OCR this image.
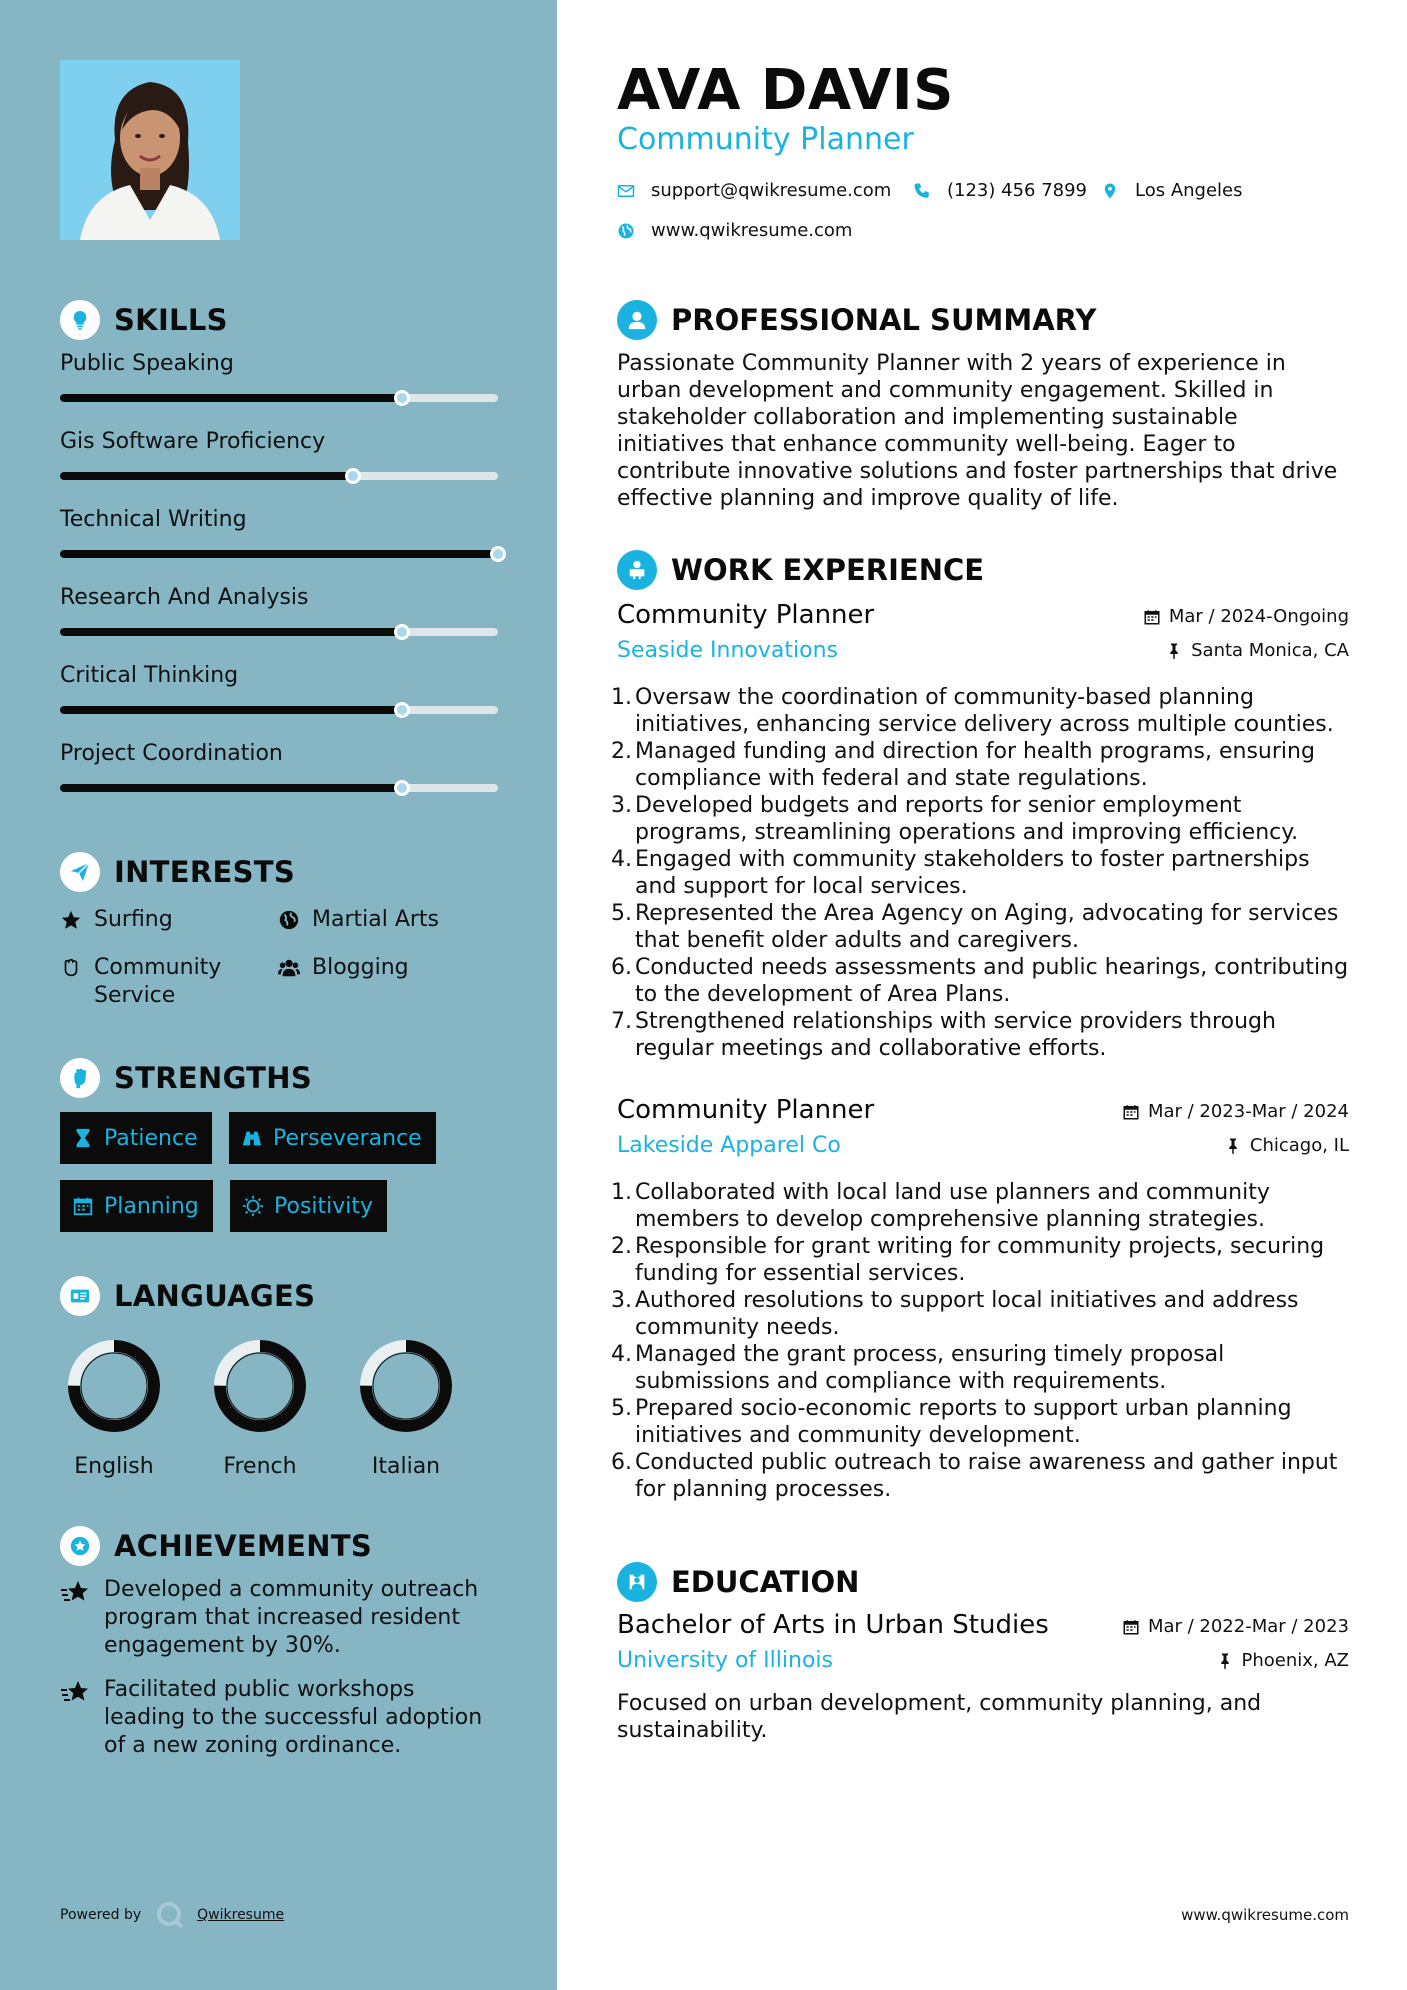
SKILLS
Public Speaking
Gis Software Proficiency
Technical Writing
Research And Analysis
Critical Thinking
Project Coordination
INTERESTS
Surfing	Martial Arts
Community Service
Blogging
STRENGTHS
Patience	Perseverance
Planning	Positivity
LANGUAGES
English	French	Italian
ACHIEVEMENTS
Developed a community outreach program that increased resident engagement by 30%.
Facilitated public workshops leading to the successful adoption of a new zoning ordinance.
Powered by	Qwikresume
AVA DAVIS
Community Planner
support@qwikresume.com	(123) 456 7899	Los Angeles
www.qwikresume.com
PROFESSIONAL SUMMARY
Passionate Community Planner with 2 years of experience in urban development and community engagement. Skilled in stakeholder collaboration and implementing sustainable initiatives that enhance community well-being. Eager to contribute innovative solutions and foster partnerships that drive effective planning and improve quality of life.
WORK EXPERIENCE
Community Planner
Seaside Innovations
Mar / 2024-Ongoing
Santa Monica, CA
1. Oversaw the coordination of community-based planning initiatives, enhancing service delivery across multiple counties.
2. Managed funding and direction for health programs, ensuring compliance with federal and state regulations.
3. Developed budgets and reports for senior employment programs, streamlining operations and improving efficiency.
4. Engaged with community stakeholders to foster partnerships and support for local services.
5. Represented the Area Agency on Aging, advocating for services that benefit older adults and caregivers.
6. Conducted needs assessments and public hearings, contributing to the development of Area Plans.
7. Strengthened relationships with service providers through regular meetings and collaborative efforts.
Community Planner
Lakeside Apparel Co
Mar / 2023-Mar / 2024
Chicago, IL
1. Collaborated with local land use planners and community members to develop comprehensive planning strategies.
2. Responsible for grant writing for community projects, securing funding for essential services.
3. Authored resolutions to support local initiatives and address community needs.
4. Managed the grant process, ensuring timely proposal submissions and compliance with requirements.
5. Prepared socio-economic reports to support urban planning initiatives and community development.
6. Conducted public outreach to raise awareness and gather input for planning processes.
EDUCATION
Bachelor of Arts in Urban Studies
University of Illinois
Mar / 2022-Mar / 2023
Phoenix, AZ
Focused on urban development, community planning, and sustainability.
www.qwikresume.com
